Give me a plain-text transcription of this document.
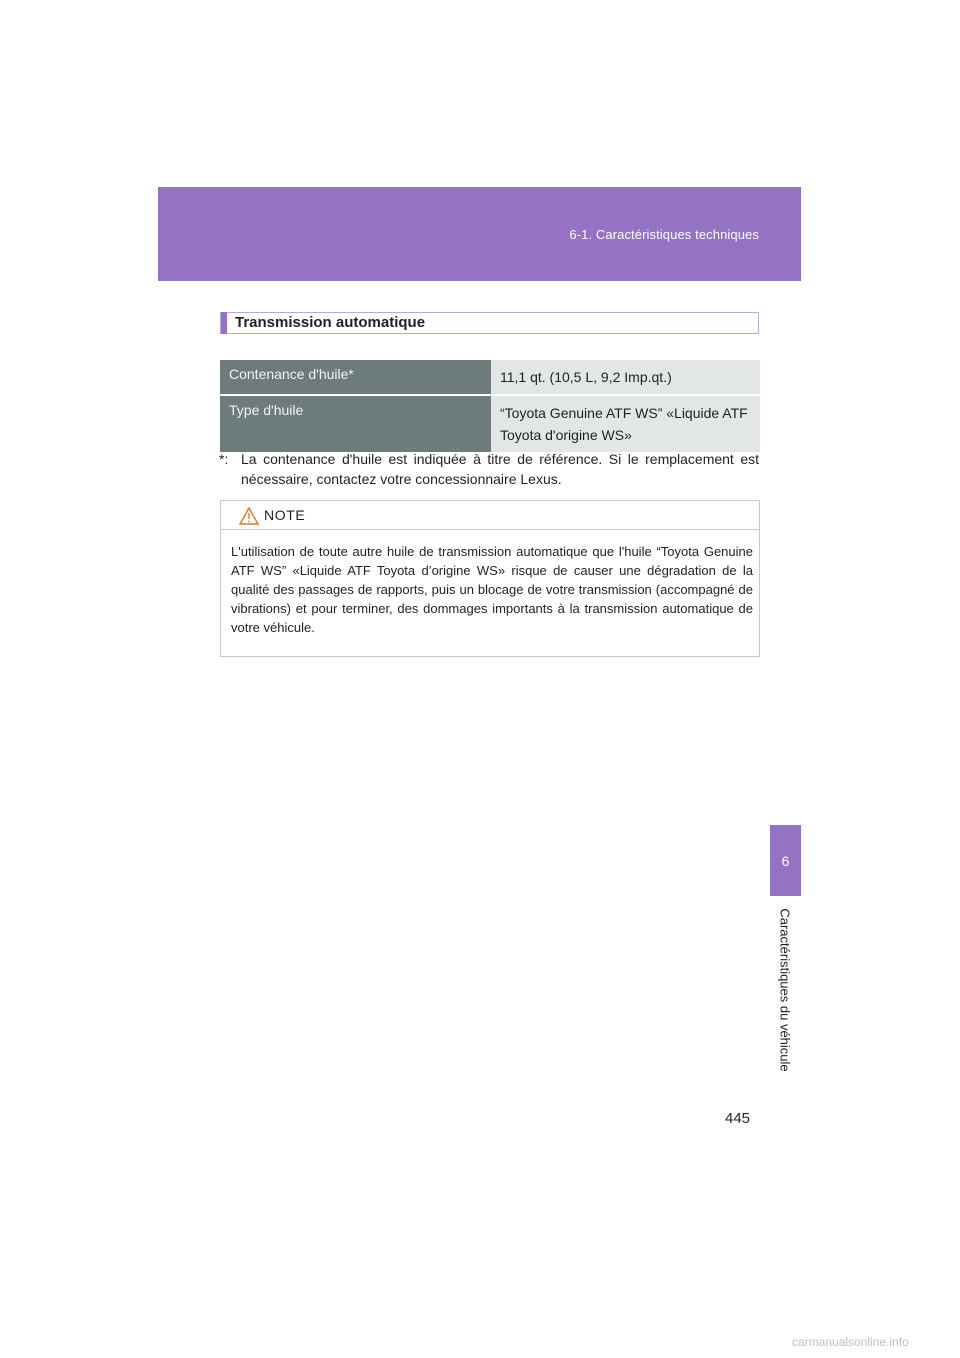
6-1. Caractéristiques techniques
6
Caractéristiques du véhicule
Transmission automatique
Contenance d'huile*	11,1 qt. (10,5 L, 9,2 Imp.qt.)
Type d'huile	“Toyota Genuine ATF WS” «Liquide ATF Toyota d'origine WS»
*: La contenance d'huile est indiquée à titre de référence. Si le remplacement est nécessaire, contactez votre concessionnaire Lexus.
NOTE
L'utilisation de toute autre huile de transmission automatique que l'huile “Toyota Genuine ATF WS” «Liquide ATF Toyota d’origine WS» risque de causer une dégradation de la qualité des passages de rapports, puis un blocage de votre transmission (accompagné de vibrations) et pour terminer, des dommages importants à la transmission automatique de votre véhicule.
445
carmanualsonline.info
